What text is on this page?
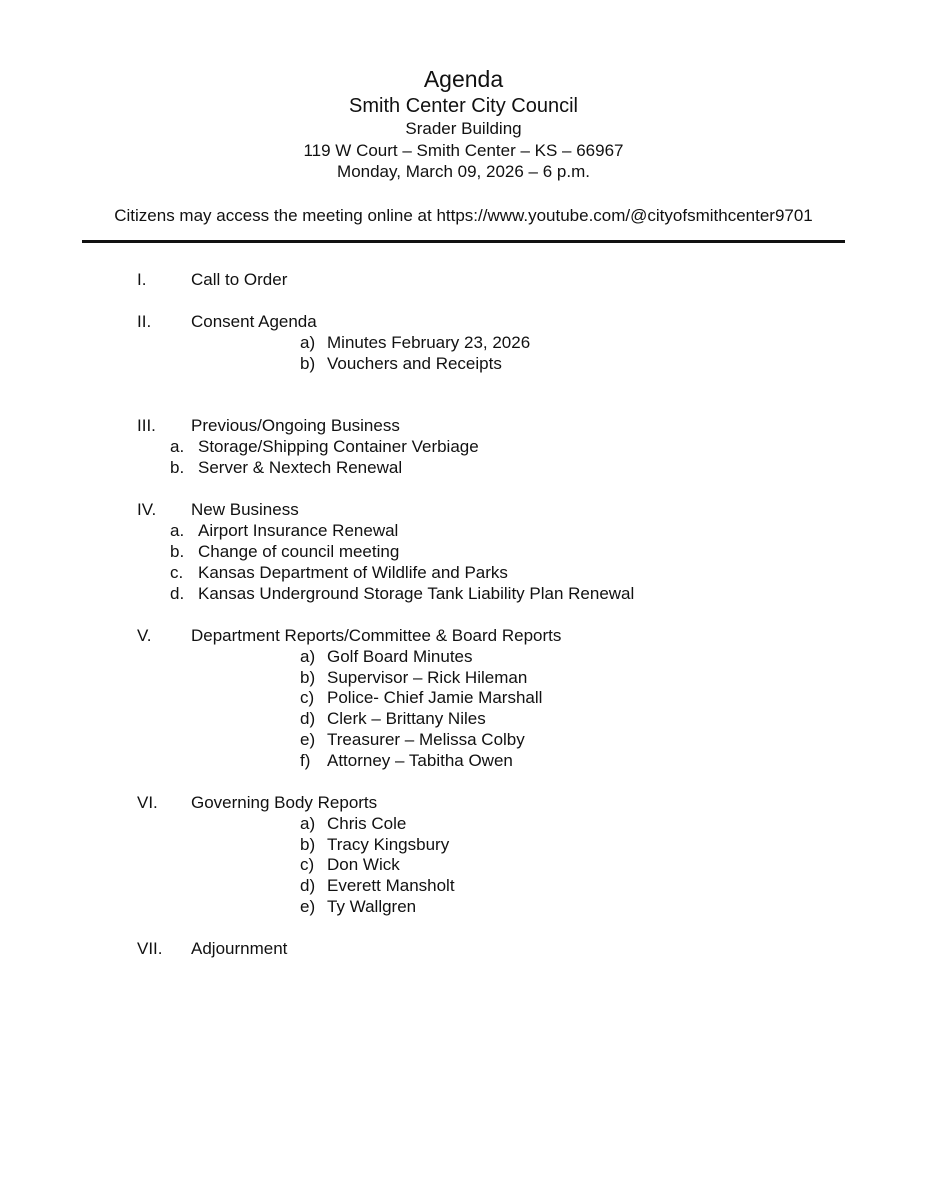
Agenda
Smith Center City Council
Srader Building
119 W Court – Smith Center – KS – 66967
Monday, March 09, 2026 – 6 p.m.
Citizens may access the meeting online at https://www.youtube.com/@cityofsmithcenter9701
I.	Call to Order
II. Consent Agenda
a) Minutes February 23, 2026
b) Vouchers and Receipts
III. Previous/Ongoing Business
a. Storage/Shipping Container Verbiage
b. Server & Nextech Renewal
IV. New Business
a. Airport Insurance Renewal
b. Change of council meeting
c. Kansas Department of Wildlife and Parks
d. Kansas Underground Storage Tank Liability Plan Renewal
V. Department Reports/Committee & Board Reports
a) Golf Board Minutes
b) Supervisor – Rick Hileman
c) Police- Chief Jamie Marshall
d) Clerk – Brittany Niles
e) Treasurer – Melissa Colby
f) Attorney – Tabitha Owen
VI. Governing Body Reports
a) Chris Cole
b) Tracy Kingsbury
c) Don Wick
d) Everett Mansholt
e) Ty Wallgren
VII. Adjournment
